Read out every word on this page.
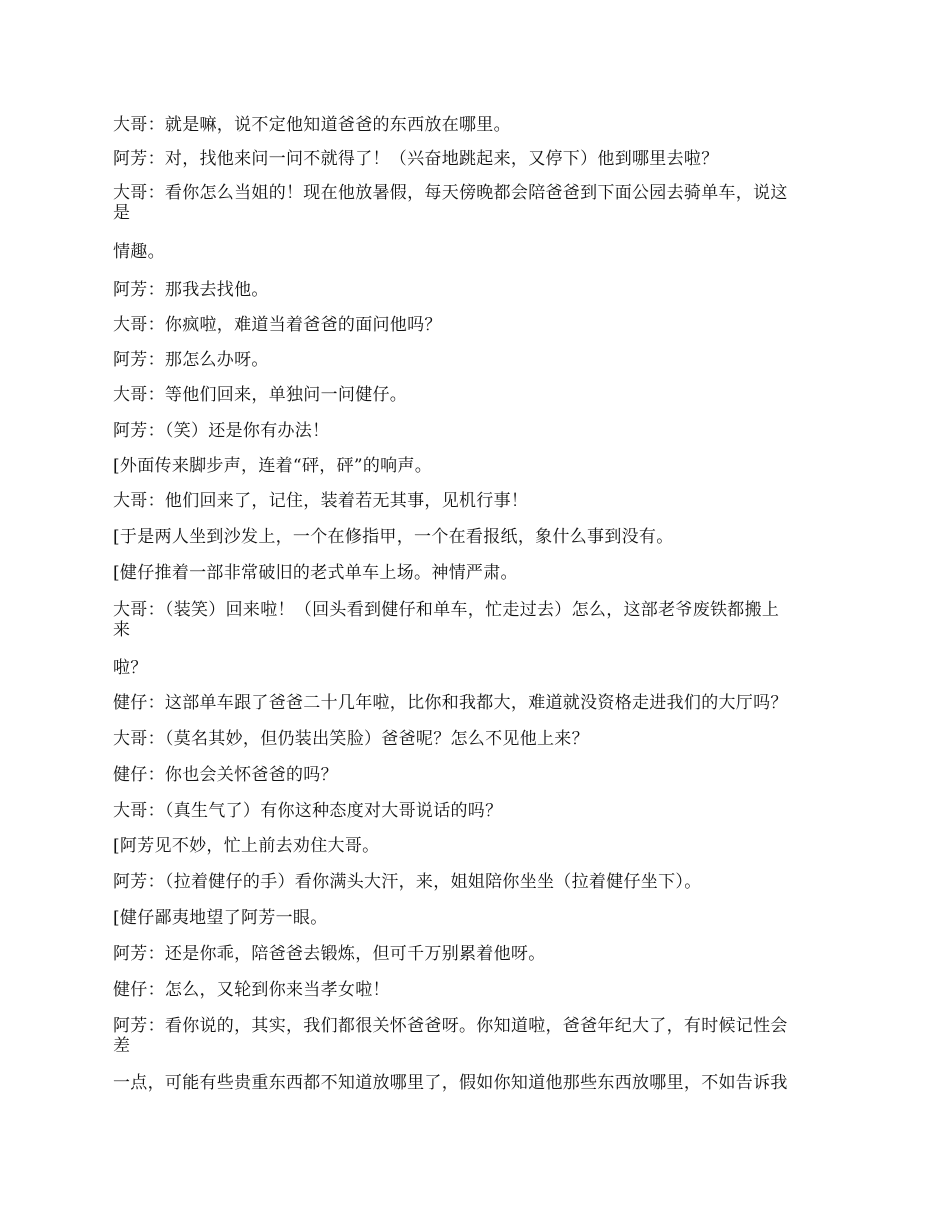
大哥：就是嘛，说不定他知道爸爸的东西放在哪里。
阿芳：对，找他来问一问不就得了！（兴奋地跳起来，又停下）他到哪里去啦？
大哥：看你怎么当姐的！现在他放暑假，每天傍晚都会陪爸爸到下面公园去骑单车，说这
是
情趣。
阿芳：那我去找他。
大哥：你疯啦，难道当着爸爸的面问他吗？
阿芳：那怎么办呀。
大哥：等他们回来，单独问一问健仔。
阿芳：（笑）还是你有办法！
[外面传来脚步声，连着“砰，砰”的响声。
大哥：他们回来了，记住，装着若无其事，见机行事！
[于是两人坐到沙发上，一个在修指甲，一个在看报纸，象什么事到没有。
[健仔推着一部非常破旧的老式单车上场。神情严肃。
大哥：（装笑）回来啦！（回头看到健仔和单车，忙走过去）怎么，这部老爷废铁都搬上
来
啦？
健仔：这部单车跟了爸爸二十几年啦，比你和我都大，难道就没资格走进我们的大厅吗？
大哥：（莫名其妙，但仍装出笑脸）爸爸呢？怎么不见他上来？
健仔：你也会关怀爸爸的吗？
大哥：（真生气了）有你这种态度对大哥说话的吗？
[阿芳见不妙，忙上前去劝住大哥。
阿芳：（拉着健仔的手）看你满头大汗，来，姐姐陪你坐坐（拉着健仔坐下）。
[健仔鄙夷地望了阿芳一眼。
阿芳：还是你乖，陪爸爸去锻炼，但可千万别累着他呀。
健仔：怎么，又轮到你来当孝女啦！
阿芳：看你说的，其实，我们都很关怀爸爸呀。你知道啦，爸爸年纪大了，有时候记性会
差
一点，可能有些贵重东西都不知道放哪里了，假如你知道他那些东西放哪里，不如告诉我
